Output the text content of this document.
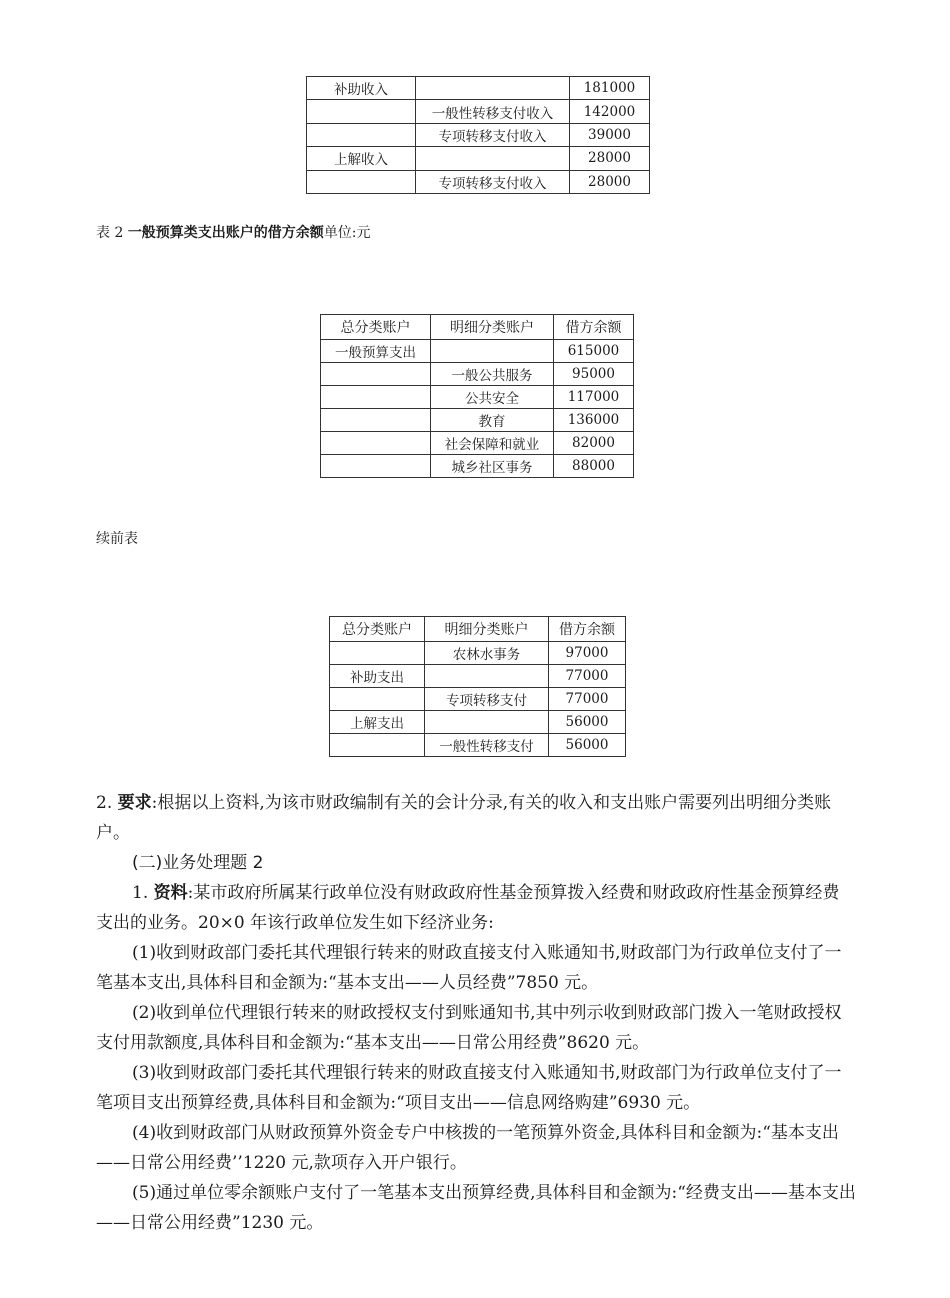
补助收入		181000
	一般性转移支付收入	142000
	专项转移支付收入	39000
上解收入		28000
	专项转移支付收入	28000
表 2 一般预算类支出账户的借方余额单位:元
总分类账户	明细分类账户	借方余额
一般预算支出		615000
	一般公共服务	95000
	公共安全	117000
	教育	136000
	社会保障和就业	82000
	城乡社区事务	88000
续前表
总分类账户	明细分类账户	借方余额
	农林水事务	97000
补助支出		77000
	专项转移支付	77000
上解支出		56000
	一般性转移支付	56000

2. 要求:根据以上资料,为该市财政编制有关的会计分录,有关的收入和支出账户需要列出明细分类账户。

(二)业务处理题 2

1. 资料:某市政府所属某行政单位没有财政政府性基金预算拨入经费和财政政府性基金预算经费支出的业务。20×0 年该行政单位发生如下经济业务:

(1)收到财政部门委托其代理银行转来的财政直接支付入账通知书,财政部门为行政单位支付了一笔基本支出,具体科目和金额为:“基本支出——人员经费”7850 元。

(2)收到单位代理银行转来的财政授权支付到账通知书,其中列示收到财政部门拨入一笔财政授权支付用款额度,具体科目和金额为:“基本支出——日常公用经费”8620 元。

(3)收到财政部门委托其代理银行转来的财政直接支付入账通知书,财政部门为行政单位支付了一笔项目支出预算经费,具体科目和金额为:“项目支出——信息网络购建”6930 元。

(4)收到财政部门从财政预算外资金专户中核拨的一笔预算外资金,具体科目和金额为:“基本支出——日常公用经费’’1220 元,款项存入开户银行。

(5)通过单位零余额账户支付了一笔基本支出预算经费,具体科目和金额为:“经费支出——基本支出——日常公用经费”1230 元。
